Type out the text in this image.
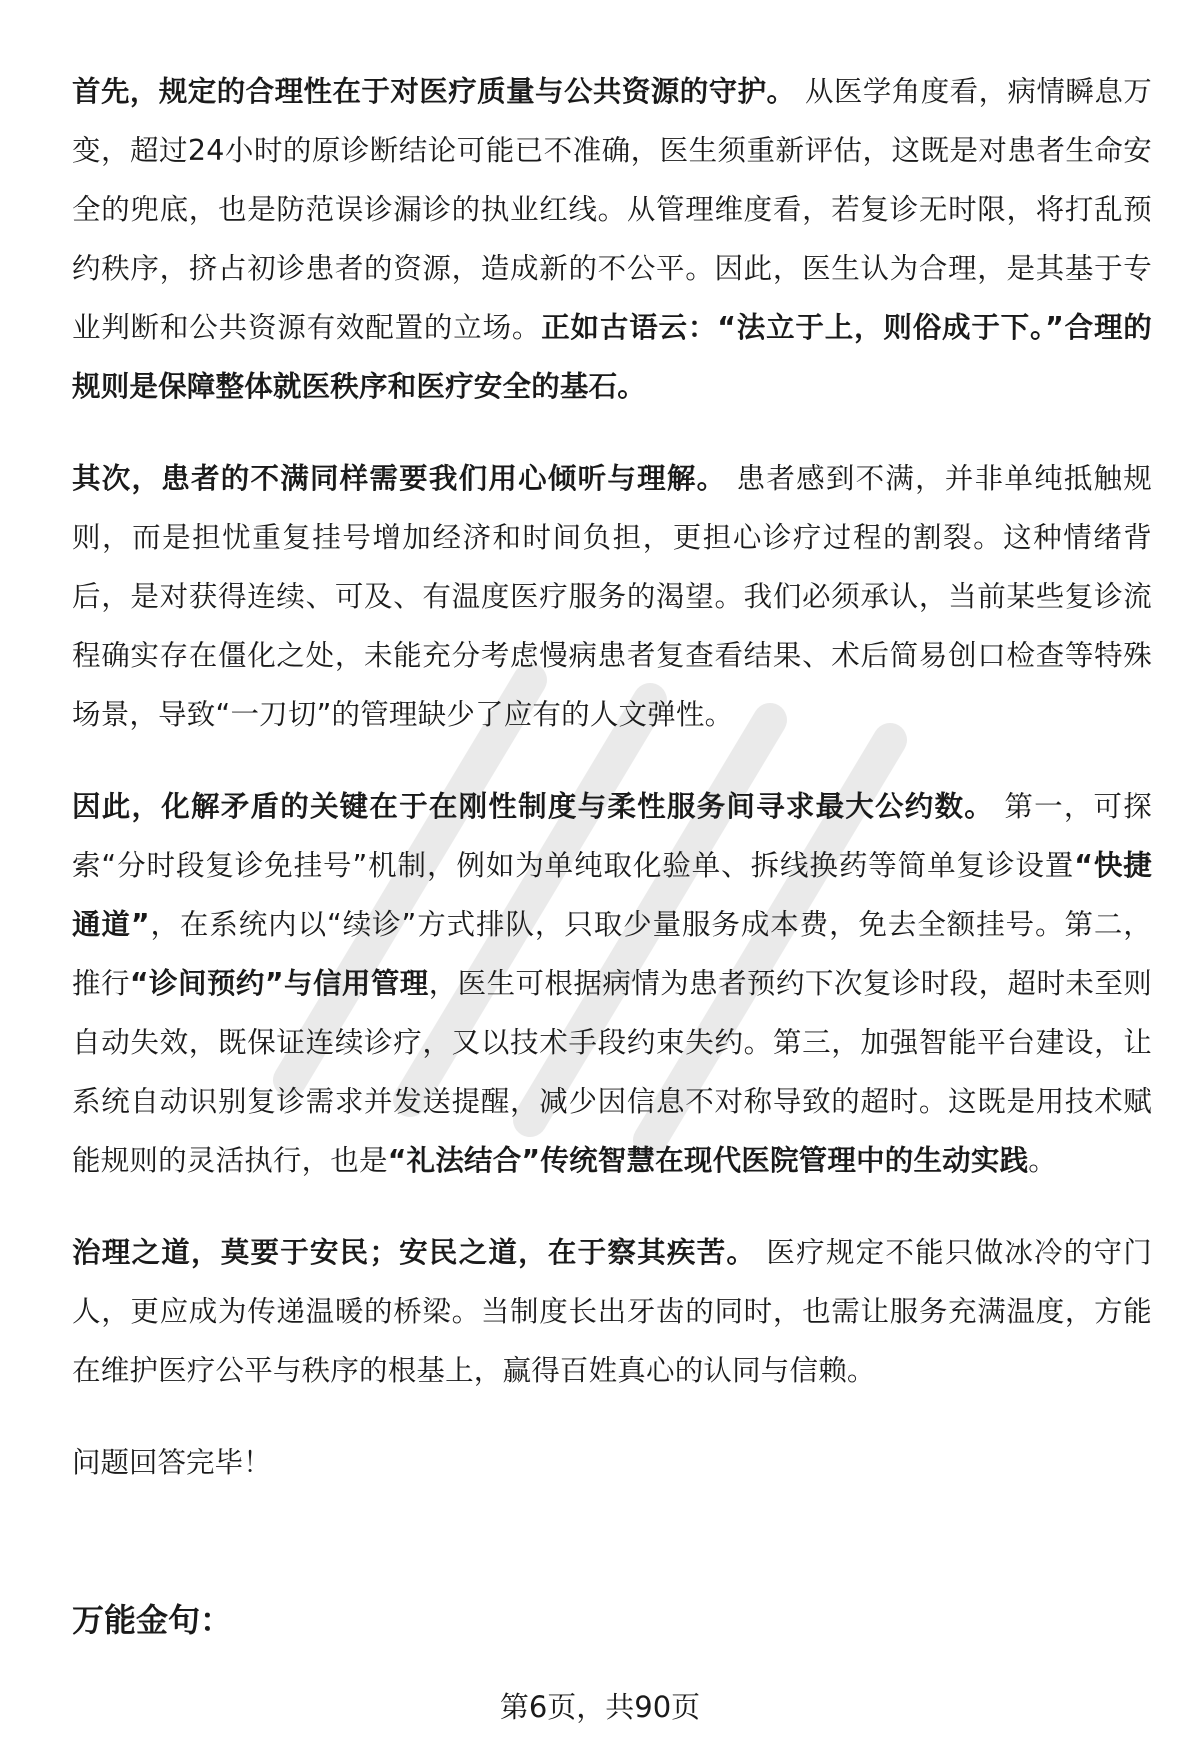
首先，规定的合理性在于对医疗质量与公共资源的守护。 从医学角度看，病情瞬息万变，超过24小时的原诊断结论可能已不准确，医生须重新评估，这既是对患者生命安全的兜底，也是防范误诊漏诊的执业红线。从管理维度看，若复诊无时限，将打乱预约秩序，挤占初诊患者的资源，造成新的不公平。因此，医生认为合理，是其基于专业判断和公共资源有效配置的立场。正如古语云：“法立于上，则俗成于下。”合理的规则是保障整体就医秩序和医疗安全的基石。

其次，患者的不满同样需要我们用心倾听与理解。 患者感到不满，并非单纯抵触规则，而是担忧重复挂号增加经济和时间负担，更担心诊疗过程的割裂。这种情绪背后，是对获得连续、可及、有温度医疗服务的渴望。我们必须承认，当前某些复诊流程确实存在僵化之处，未能充分考虑慢病患者复查看结果、术后简易创口检查等特殊场景，导致“一刀切”的管理缺少了应有的人文弹性。

因此，化解矛盾的关键在于在刚性制度与柔性服务间寻求最大公约数。 第一，可探索“分时段复诊免挂号”机制，例如为单纯取化验单、拆线换药等简单复诊设置“快捷通道”，在系统内以“续诊”方式排队，只取少量服务成本费，免去全额挂号。第二，推行“诊间预约”与信用管理，医生可根据病情为患者预约下次复诊时段，超时未至则自动失效，既保证连续诊疗，又以技术手段约束失约。第三，加强智能平台建设，让系统自动识别复诊需求并发送提醒，减少因信息不对称导致的超时。这既是用技术赋能规则的灵活执行，也是“礼法结合”传统智慧在现代医院管理中的生动实践。

治理之道，莫要于安民；安民之道，在于察其疾苦。 医疗规定不能只做冰冷的守门人，更应成为传递温暖的桥梁。当制度长出牙齿的同时，也需让服务充满温度，方能在维护医疗公平与秩序的根基上，赢得百姓真心的认同与信赖。

问题回答完毕！

万能金句：

第6页，共90页
